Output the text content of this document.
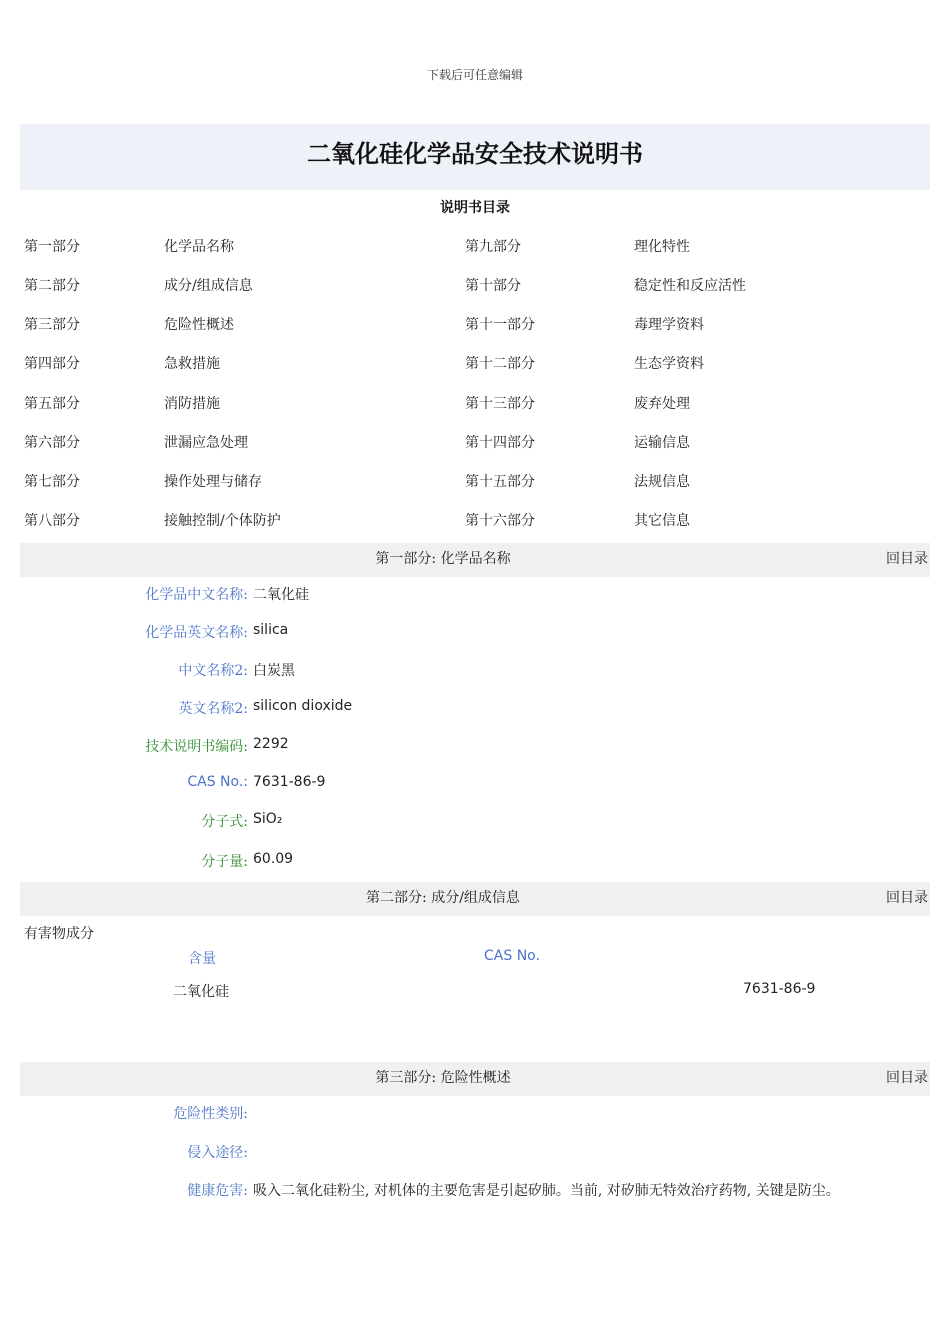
下载后可任意编辑
二氧化硅化学品安全技术说明书
说明书目录
第一部分	化学品名称
第二部分	成分/组成信息
第三部分	危险性概述
第四部分	急救措施
第五部分	消防措施
第六部分	泄漏应急处理
第七部分	操作处理与储存
第八部分	接触控制/个体防护
第九部分	理化特性
第十部分	稳定性和反应活性
第十一部分	毒理学资料
第十二部分	生态学资料
第十三部分	废弃处理
第十四部分	运输信息
第十五部分	法规信息
第十六部分	其它信息
第一部分: 化学品名称	回目录
化学品中文名称: 二氧化硅
化学品英文名称: silica
中文名称2: 白炭黑
英文名称2: silicon dioxide
技术说明书编码: 2292
CAS No.: 7631-86-9
分子式: SiO₂
分子量: 60.09
第二部分: 成分/组成信息	回目录
有害物成分
含量	CAS No.
二氧化硅	7631-86-9
第三部分: 危险性概述	回目录
危险性类别:
侵入途径:
健康危害: 吸入二氧化硅粉尘, 对机体的主要危害是引起矽肺。当前, 对矽肺无特效治疗药物, 关键是防尘。
